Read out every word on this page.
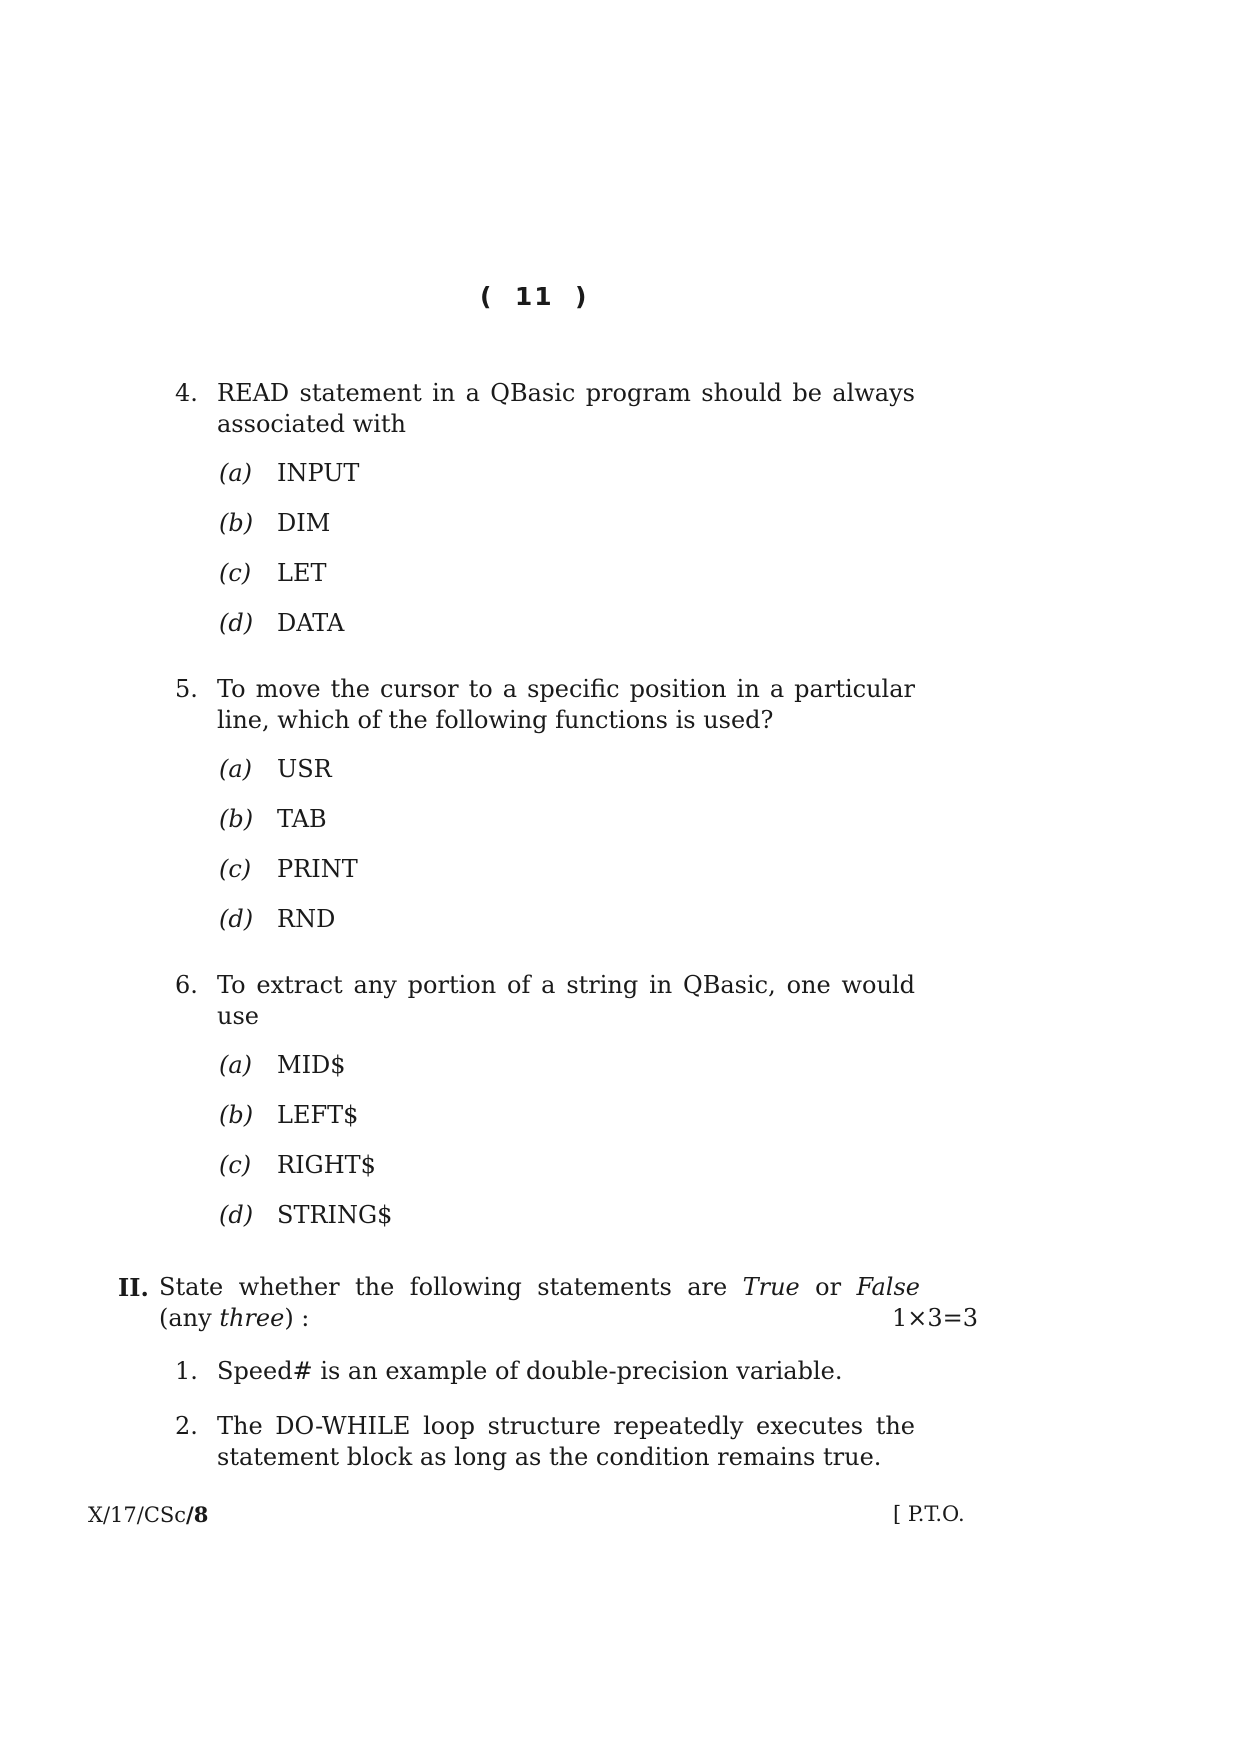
(  11  )
4. READ statement in a QBasic program should be always associated with
(a) INPUT
(b) DIM
(c) LET
(d) DATA
5. To move the cursor to a specific position in a particular line, which of the following functions is used?
(a) USR
(b) TAB
(c) PRINT
(d) RND
6. To extract any portion of a string in QBasic, one would use
(a) MID$
(b) LEFT$
(c) RIGHT$
(d) STRING$
II. State whether the following statements are True or False
(any three) :	1×3=3
1. Speed# is an example of double-precision variable.
2. The DO-WHILE loop structure repeatedly executes the statement block as long as the condition remains true.
X/17/CSc/8	[ P.T.O.
